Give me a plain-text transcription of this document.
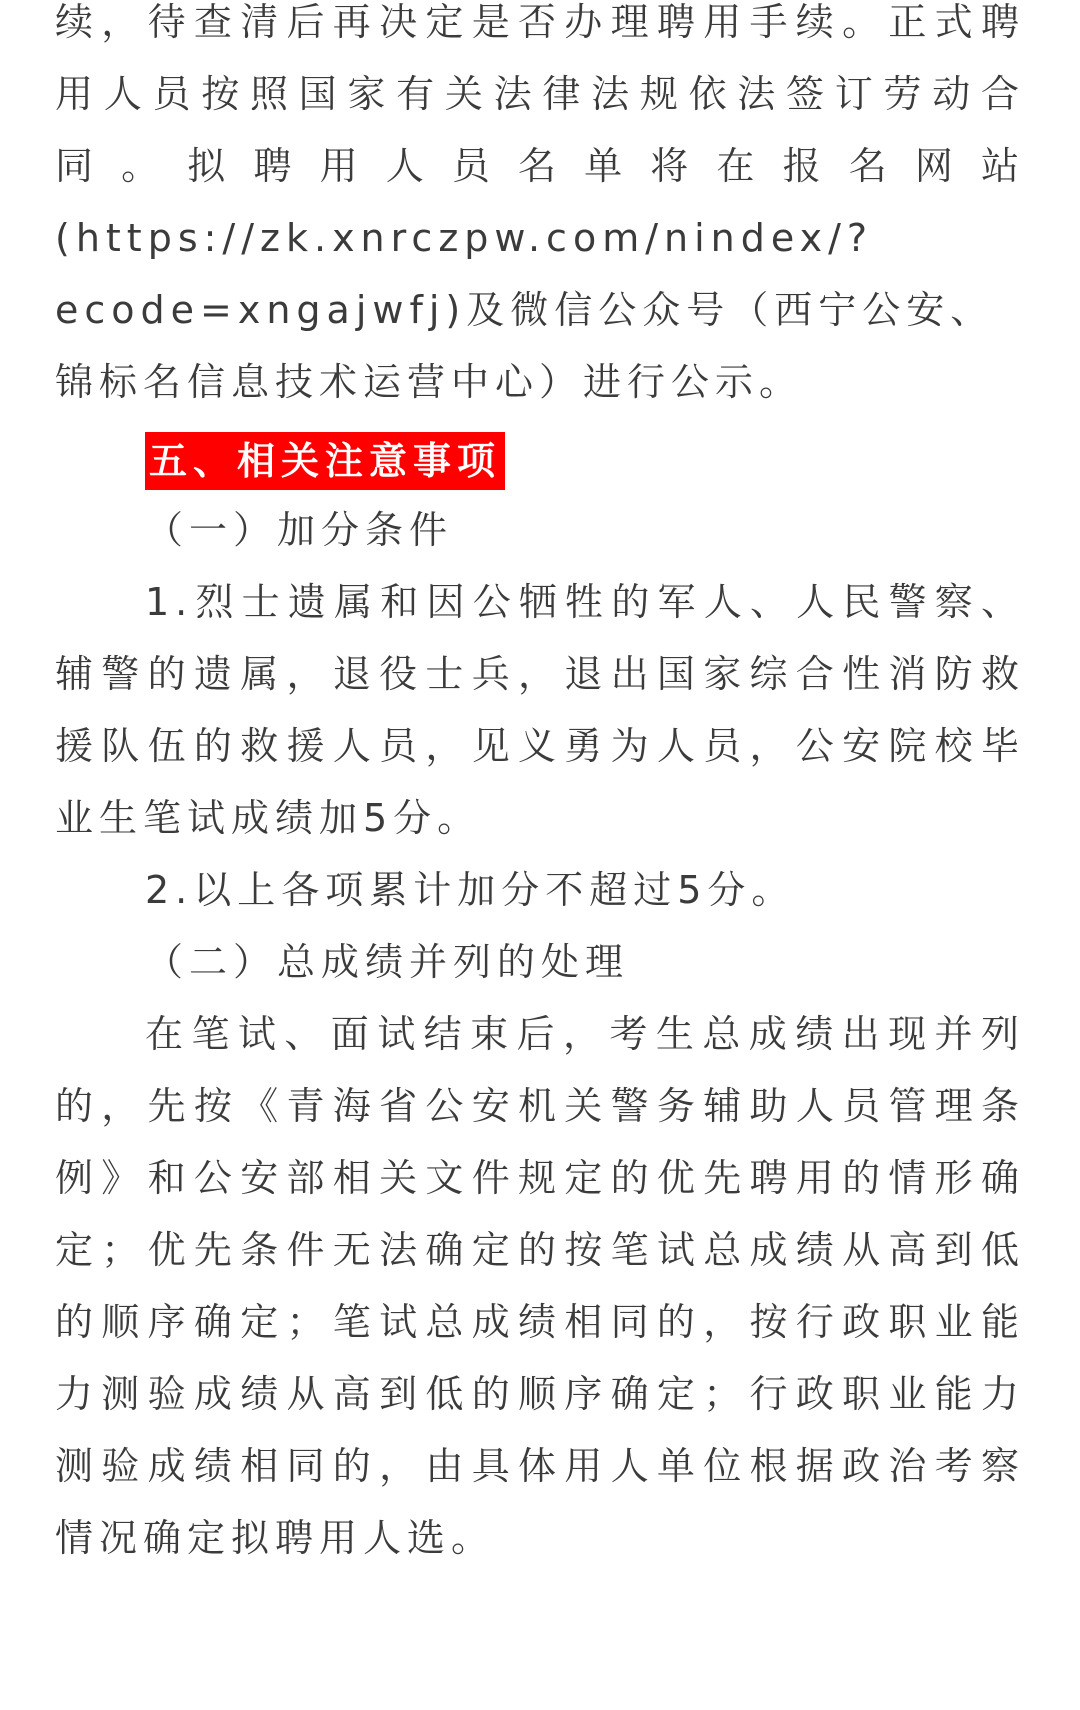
续，待查清后再决定是否办理聘用手续。正式聘
用人员按照国家有关法律法规依法签订劳动合
同 。 拟 聘 用 人 员 名 单 将 在 报 名 网 站
(https://zk.xnrczpw.com/nindex/?
ecode=xngajwfj)及微信公众号（西宁公安、
锦标名信息技术运营中心）进行公示。
五、相关注意事项
（一）加分条件
1.烈士遗属和因公牺牲的军人、人民警察、
辅警的遗属，退役士兵，退出国家综合性消防救
援队伍的救援人员，见义勇为人员，公安院校毕
业生笔试成绩加5分。
2.以上各项累计加分不超过5分。
（二）总成绩并列的处理
在笔试、面试结束后，考生总成绩出现并列
的，先按《青海省公安机关警务辅助人员管理条
例》和公安部相关文件规定的优先聘用的情形确
定；优先条件无法确定的按笔试总成绩从高到低
的顺序确定；笔试总成绩相同的，按行政职业能
力测验成绩从高到低的顺序确定；行政职业能力
测验成绩相同的，由具体用人单位根据政治考察
情况确定拟聘用人选。
